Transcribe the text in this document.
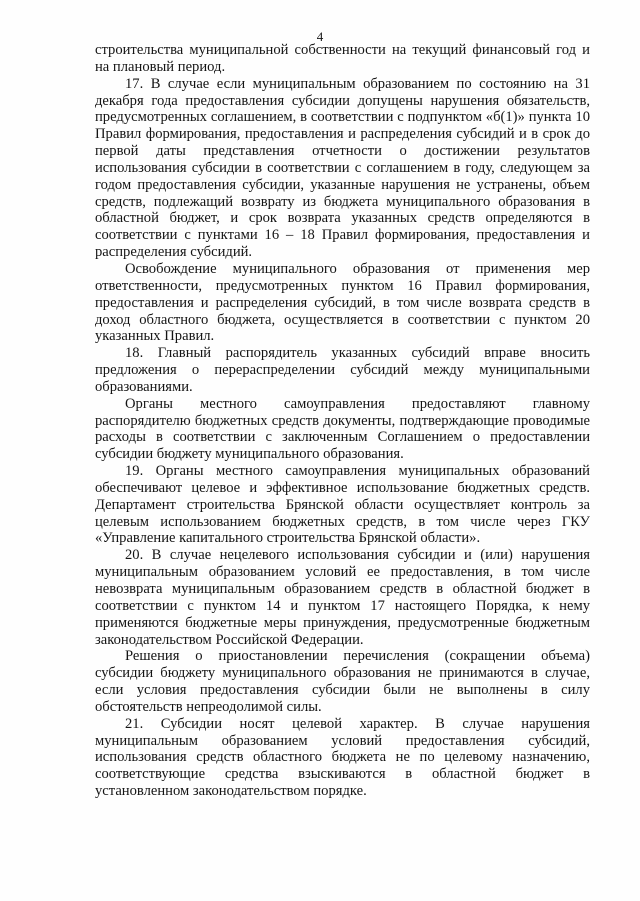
4

строительства муниципальной собственности на текущий финансовый год и на плановый период.

17. В случае если муниципальным образованием по состоянию на 31 декабря года предоставления субсидии допущены нарушения обязательств, предусмотренных соглашением, в соответствии с подпунктом «б(1)» пункта 10 Правил формирования, предоставления и распределения субсидий и в срок до первой даты представления отчетности о достижении результатов использования субсидии в соответствии с соглашением в году, следующем за годом предоставления субсидии, указанные нарушения не устранены, объем средств, подлежащий возврату из бюджета муниципального образования в областной бюджет, и срок возврата указанных средств определяются в соответствии с пунктами 16 – 18 Правил формирования, предоставления и распределения субсидий.

Освобождение муниципального образования от применения мер ответственности, предусмотренных пунктом 16 Правил формирования, предоставления и распределения субсидий, в том числе возврата средств в доход областного бюджета, осуществляется в соответствии с пунктом 20 указанных Правил.

18. Главный распорядитель указанных субсидий вправе вносить предложения о перераспределении субсидий между муниципальными образованиями.

Органы местного самоуправления предоставляют главному распорядителю бюджетных средств документы, подтверждающие проводимые расходы в соответствии с заключенным Соглашением о предоставлении субсидии бюджету муниципального образования.

19. Органы местного самоуправления муниципальных образований обеспечивают целевое и эффективное использование бюджетных средств. Департамент строительства Брянской области осуществляет контроль за целевым использованием бюджетных средств, в том числе через ГКУ «Управление капитального строительства Брянской области».

20. В случае нецелевого использования субсидии и (или) нарушения муниципальным образованием условий ее предоставления, в том числе невозврата муниципальным образованием средств в областной бюджет в соответствии с пунктом 14 и пунктом 17 настоящего Порядка, к нему применяются бюджетные меры принуждения, предусмотренные бюджетным законодательством Российской Федерации.

Решения о приостановлении перечисления (сокращении объема) субсидии бюджету муниципального образования не принимаются в случае, если условия предоставления субсидии были не выполнены в силу обстоятельств непреодолимой силы.

21. Субсидии носят целевой характер. В случае нарушения муниципальным образованием условий предоставления субсидий, использования средств областного бюджета не по целевому назначению, соответствующие средства взыскиваются в областной бюджет в установленном законодательством порядке.
